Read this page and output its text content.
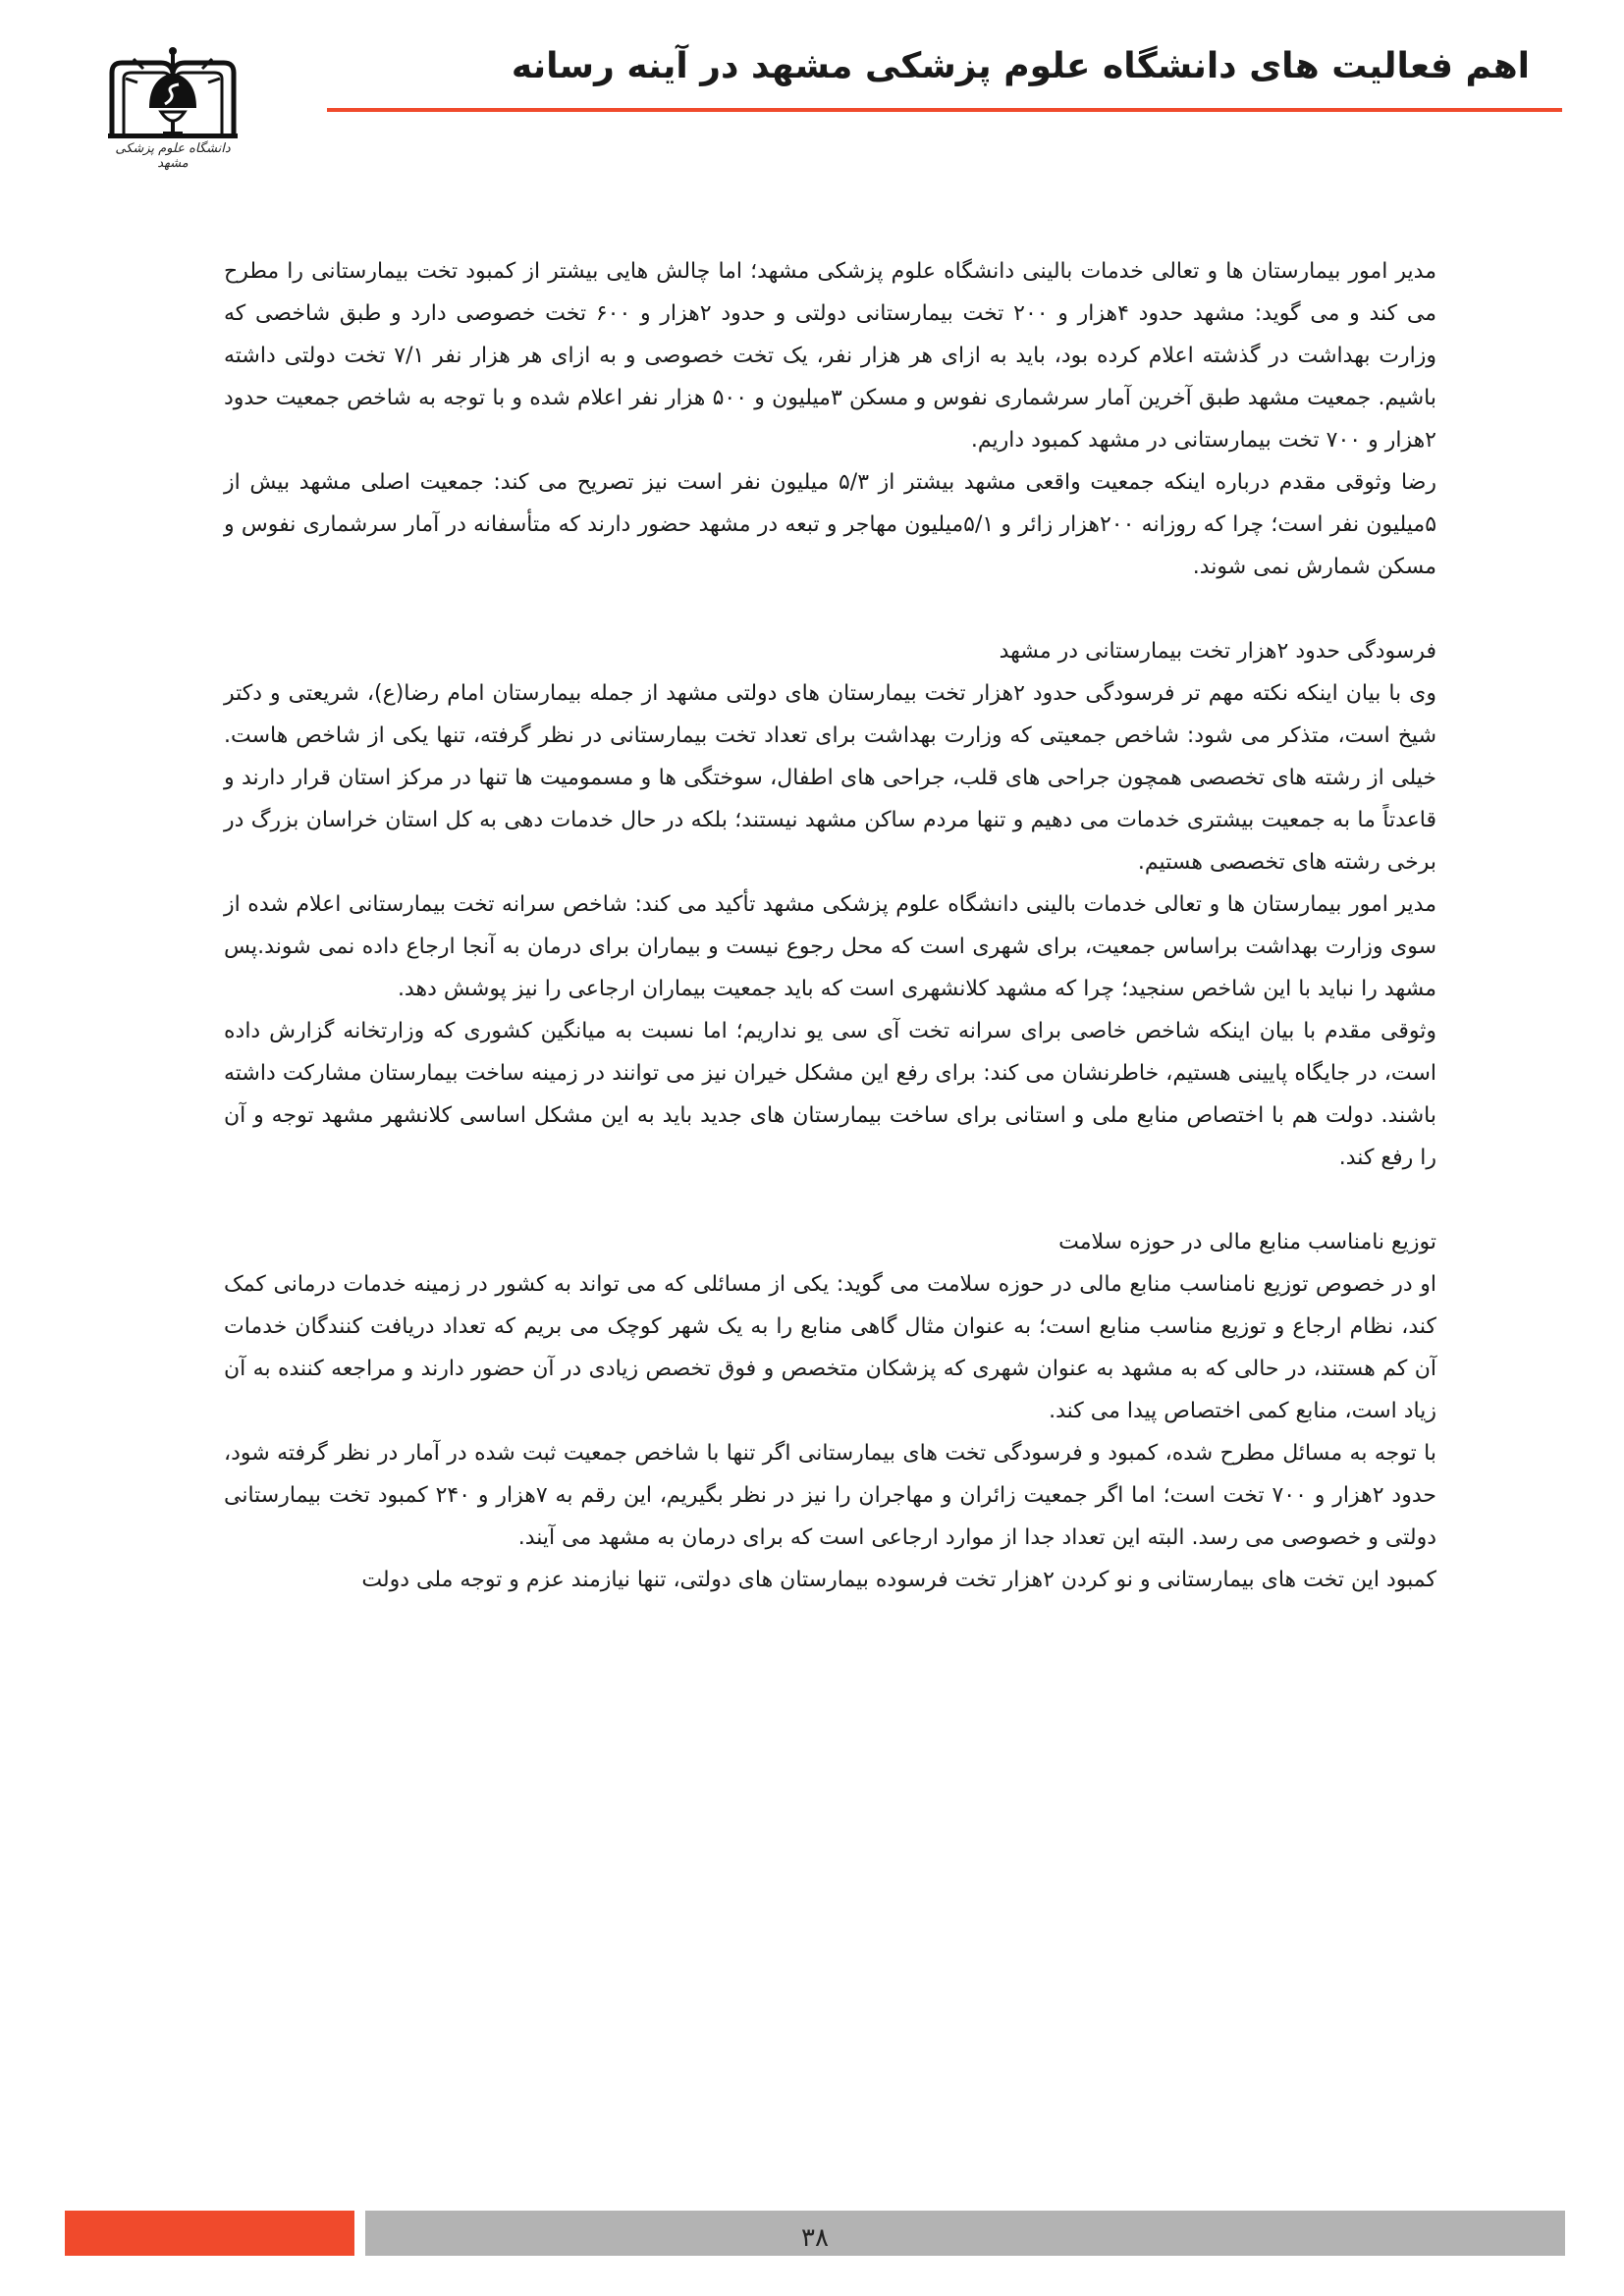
اهم فعالیت های دانشگاه علوم پزشکی مشهد در آینه رسانه
دانشگاه علوم پزشکی مشهد

مدیر امور بیمارستان ها و تعالی خدمات بالینی دانشگاه علوم پزشکی مشهد؛ اما چالش هایی بیشتر از کمبود تخت بیمارستانی را مطرح می کند و می گوید: مشهد حدود ۴هزار و ۲۰۰ تخت بیمارستانی دولتی و حدود ۲هزار و ۶۰۰ تخت خصوصی دارد و طبق شاخصی که وزارت بهداشت در گذشته اعلام کرده بود، باید به ازای هر هزار نفر، یک تخت خصوصی و به ازای هر هزار نفر ۷/۱ تخت دولتی داشته باشیم. جمعیت مشهد طبق آخرین آمار سرشماری نفوس و مسکن ۳میلیون و ۵۰۰ هزار نفر اعلام شده و با توجه به شاخص جمعیت حدود ۲هزار و ۷۰۰ تخت بیمارستانی در مشهد کمبود داریم.

رضا وثوقی مقدم درباره اینکه جمعیت واقعی مشهد بیشتر از ۵/۳ میلیون نفر است نیز تصریح می کند: جمعیت اصلی مشهد بیش از ۵میلیون نفر است؛ چرا که روزانه ۲۰۰هزار زائر و ۵/۱میلیون مهاجر و تبعه در مشهد حضور دارند که متأسفانه در آمار سرشماری نفوس و مسکن شمارش نمی شوند.

فرسودگی حدود ۲هزار تخت بیمارستانی در مشهد

وی با بیان اینکه نکته مهم تر فرسودگی حدود ۲هزار تخت بیمارستان های دولتی مشهد از جمله بیمارستان امام رضا(ع)، شریعتی و دکتر شیخ است، متذکر می شود: شاخص جمعیتی که وزارت بهداشت برای تعداد تخت بیمارستانی در نظر گرفته، تنها یکی از شاخص هاست. خیلی از رشته های تخصصی همچون جراحی های قلب، جراحی های اطفال، سوختگی ها و مسمومیت ها تنها در مرکز استان قرار دارند و قاعدتاً ما به جمعیت بیشتری خدمات می دهیم و تنها مردم ساکن مشهد نیستند؛ بلکه در حال خدمات دهی به کل استان خراسان بزرگ در برخی رشته های تخصصی هستیم.

مدیر امور بیمارستان ها و تعالی خدمات بالینی دانشگاه علوم پزشکی مشهد تأکید می کند: شاخص سرانه تخت بیمارستانی اعلام شده از سوی وزارت بهداشت براساس جمعیت، برای شهری است که محل رجوع نیست و بیماران برای درمان به آنجا ارجاع داده نمی شوند.پس مشهد را نباید با این شاخص سنجید؛ چرا که مشهد کلانشهری است که باید جمعیت بیماران ارجاعی را نیز پوشش دهد.

وثوقی مقدم با بیان اینکه شاخص خاصی برای سرانه تخت آی سی یو نداریم؛ اما نسبت به میانگین کشوری که وزارتخانه گزارش داده است، در جایگاه پایینی هستیم، خاطرنشان می کند: برای رفع این مشکل خیران نیز می توانند در زمینه ساخت بیمارستان مشارکت داشته باشند. دولت هم با اختصاص منابع ملی و استانی برای ساخت بیمارستان های جدید باید به این مشکل اساسی کلانشهر مشهد توجه و آن را رفع کند.

توزیع نامناسب منابع مالی در حوزه سلامت

او در خصوص توزیع نامناسب منابع مالی در حوزه سلامت می گوید: یکی از مسائلی که می تواند به کشور در زمینه خدمات درمانی کمک کند، نظام ارجاع و توزیع مناسب منابع است؛ به عنوان مثال گاهی منابع را به یک شهر کوچک می بریم که تعداد دریافت کنندگان خدمات آن کم هستند، در حالی که به مشهد به عنوان شهری که پزشکان متخصص و فوق تخصص زیادی در آن حضور دارند و مراجعه کننده به آن زیاد است، منابع کمی اختصاص پیدا می کند.

با توجه به مسائل مطرح شده، کمبود و فرسودگی تخت های بیمارستانی اگر تنها با شاخص جمعیت ثبت شده در آمار در نظر گرفته شود، حدود ۲هزار و ۷۰۰ تخت است؛ اما اگر جمعیت زائران و مهاجران را نیز در نظر بگیریم، این رقم به ۷هزار و ۲۴۰ کمبود تخت بیمارستانی دولتی و خصوصی می رسد. البته این تعداد جدا از موارد ارجاعی است که برای درمان به مشهد می آیند.

کمبود این تخت های بیمارستانی و نو کردن ۲هزار تخت فرسوده بیمارستان های دولتی، تنها نیازمند عزم و توجه ملی دولت

۳۸
